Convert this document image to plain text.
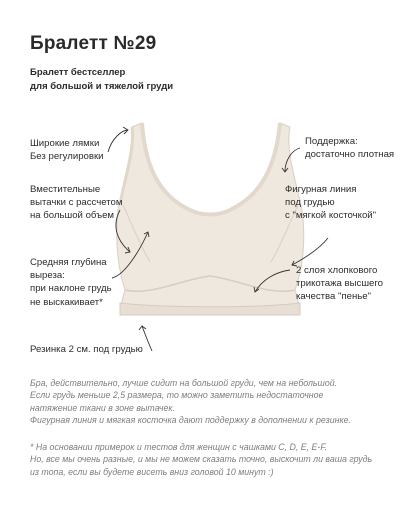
Бралетт №29
Бралетт бестселлер
для большой и тяжелой груди
Широкие лямки
Без регулировки
Вместительные
вытачки с рассчетом
на большой объем
Средняя глубина
выреза:
при наклоне грудь
не выскакивает*
Резинка 2 см. под грудью
Поддержка:
достаточно плотная
Фигурная линия
под грудью
с "мягкой косточкой"
2 слоя хлопкового
трикотажа высшего
качества "пенье"
Бра, действительно, лучше сидит на большой груди, чем на небольшой.
Если грудь меньше 2,5 размера, то можно заметить недостаточное
натяжение ткани в зоне вытачек.
Фигурная линия и мягкая косточка дают поддержку в дополнении к резинке.
* На основании примерок и тестов для женщин с чашками C, D, E, E-F.
Но, все мы очень разные, и мы не можем сказать точно, выскочит ли ваша грудь
из топа, если вы будете висеть вниз головой 10 минут :)
